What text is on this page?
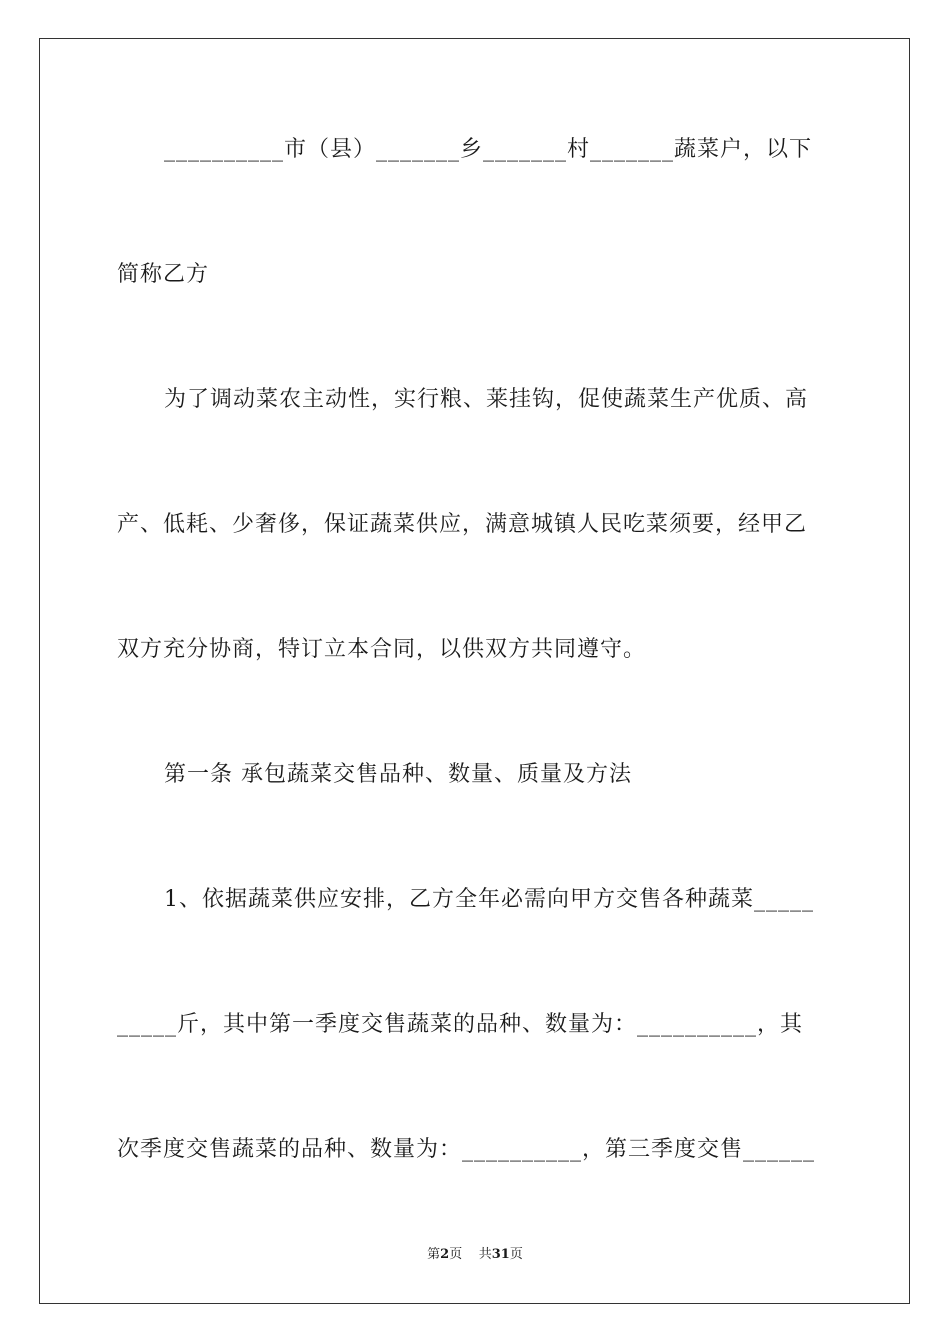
__________市（县）_______乡_______村_______蔬菜户，以下

简称乙方

为了调动菜农主动性，实行粮、莱挂钩，促使蔬菜生产优质、高

产、低耗、少奢侈，保证蔬菜供应，满意城镇人民吃菜须要，经甲乙

双方充分协商，特订立本合同，以供双方共同遵守。

第一条 承包蔬菜交售品种、数量、质量及方法

1、依据蔬菜供应安排，乙方全年必需向甲方交售各种蔬菜_____

_____斤，其中第一季度交售蔬菜的品种、数量为：__________，其

次季度交售蔬菜的品种、数量为：__________，第三季度交售______

第2页    共31页
